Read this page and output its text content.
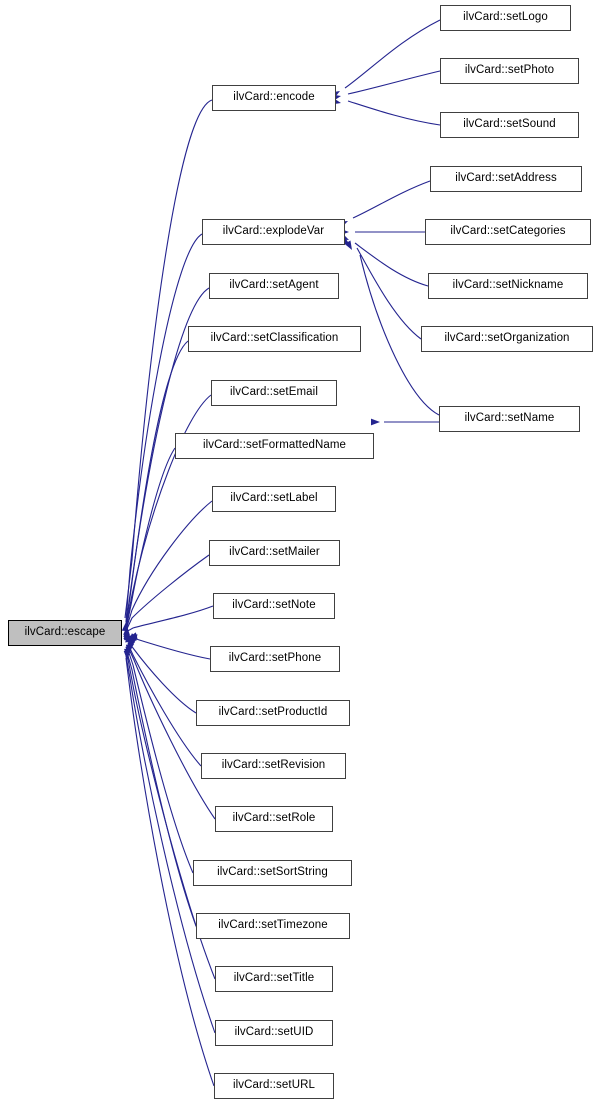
ilvCard::escape
ilvCard::encode
ilvCard::setLogo
ilvCard::setPhoto
ilvCard::setSound
ilvCard::explodeVar
ilvCard::setAddress
ilvCard::setCategories
ilvCard::setNickname
ilvCard::setOrganization
ilvCard::setName
ilvCard::setAgent
ilvCard::setClassification
ilvCard::setEmail
ilvCard::setFormattedName
ilvCard::setLabel
ilvCard::setMailer
ilvCard::setNote
ilvCard::setPhone
ilvCard::setProductId
ilvCard::setRevision
ilvCard::setRole
ilvCard::setSortString
ilvCard::setTimezone
ilvCard::setTitle
ilvCard::setUID
ilvCard::setURL
